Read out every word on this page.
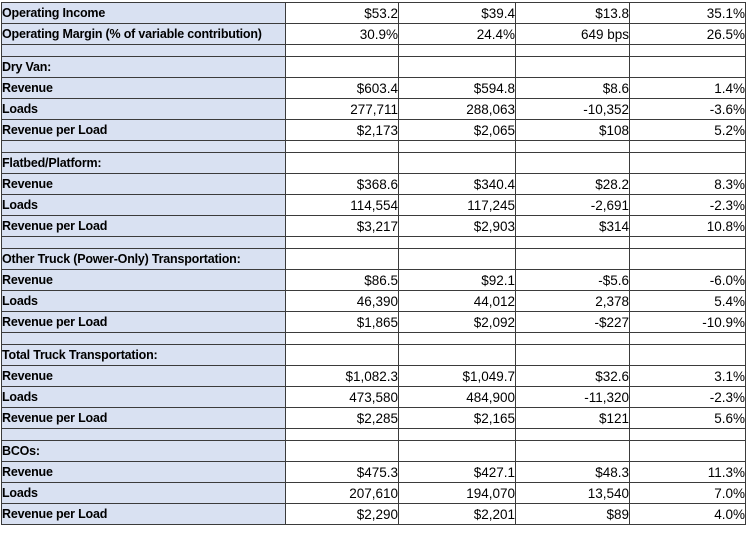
Operating Income	$53.2	$39.4	$13.8	35.1%
Operating Margin (% of variable contribution)	30.9%	24.4%	649 bps	26.5%

Dry Van:				
Revenue	$603.4	$594.8	$8.6	1.4%
Loads	277,711	288,063	-10,352	-3.6%
Revenue per Load	$2,173	$2,065	$108	5.2%

Flatbed/Platform:				
Revenue	$368.6	$340.4	$28.2	8.3%
Loads	114,554	117,245	-2,691	-2.3%
Revenue per Load	$3,217	$2,903	$314	10.8%

Other Truck (Power-Only) Transportation:				
Revenue	$86.5	$92.1	-$5.6	-6.0%
Loads	46,390	44,012	2,378	5.4%
Revenue per Load	$1,865	$2,092	-$227	-10.9%

Total Truck Transportation:				
Revenue	$1,082.3	$1,049.7	$32.6	3.1%
Loads	473,580	484,900	-11,320	-2.3%
Revenue per Load	$2,285	$2,165	$121	5.6%

BCOs:				
Revenue	$475.3	$427.1	$48.3	11.3%
Loads	207,610	194,070	13,540	7.0%
Revenue per Load	$2,290	$2,201	$89	4.0%
